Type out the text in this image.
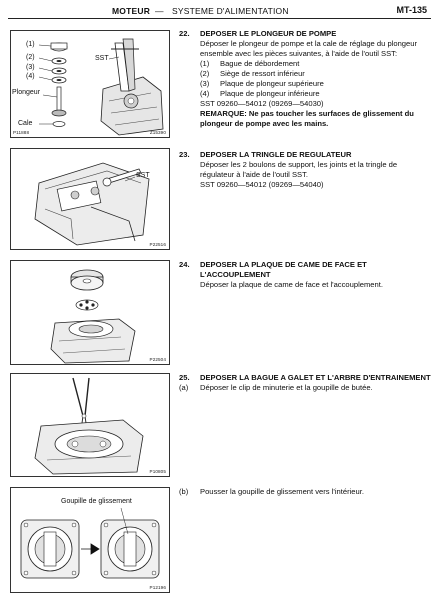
MOTEUR — SYSTEME D'ALIMENTATION	MT-135
(1)
(2)
(3)
(4)
Plongeur
Cale
SST
P11888	Z15390
SST
P22516
P22504
P10805
Goupille de glissement
P12196
22. DEPOSER LE PLONGEUR DE POMPE
Déposer le plongeur de pompe et la cale de réglage du plongeur ensemble avec les pièces suivantes, à l'aide de l'outil SST:
(1) Bague de débordement
(2) Siège de ressort inférieur
(3) Plaque de plongeur supérieure
(4) Plaque de plongeur inférieure
SST 09260—54012 (09269—54030)
REMARQUE: Ne pas toucher les surfaces de glissement du plongeur de pompe avec les mains.
23. DEPOSER LA TRINGLE DE REGULATEUR
Déposer les 2 boulons de support, les joints et la tringle de régulateur à l'aide de l'outil SST.
SST 09260—54012 (09269—54040)
24. DEPOSER LA PLAQUE DE CAME DE FACE ET L'ACCOUPLEMENT
Déposer la plaque de came de face et l'accouplement.
25. DEPOSER LA BAGUE A GALET ET L'ARBRE D'ENTRAINEMENT
(a) Déposer le clip de minuterie et la goupille de butée.
(b) Pousser la goupille de glissement vers l'intérieur.
